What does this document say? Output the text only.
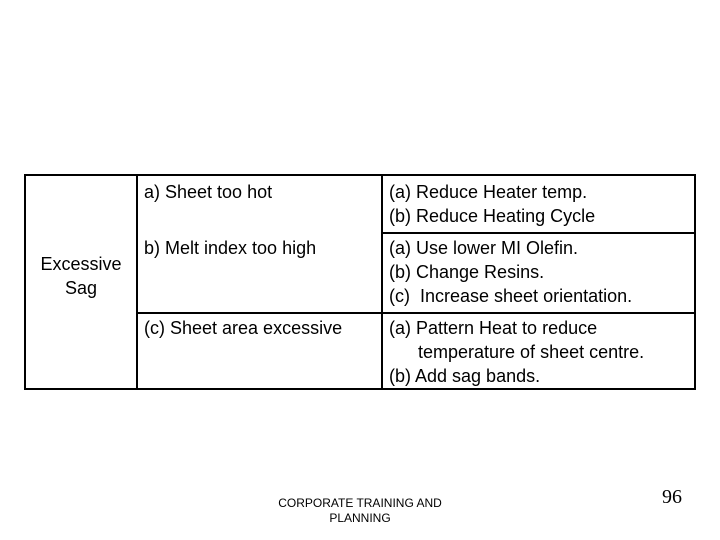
Excessive
Sag
a) Sheet too hot	(a) Reduce Heater temp.
(b) Reduce Heating Cycle
b) Melt index too high	(a) Use lower MI Olefin.
(b) Change Resins.
(c)  Increase sheet orientation.
(c) Sheet area excessive	(a) Pattern Heat to reduce
temperature of sheet centre.
(b) Add sag bands.
CORPORATE TRAINING AND
PLANNING
96
